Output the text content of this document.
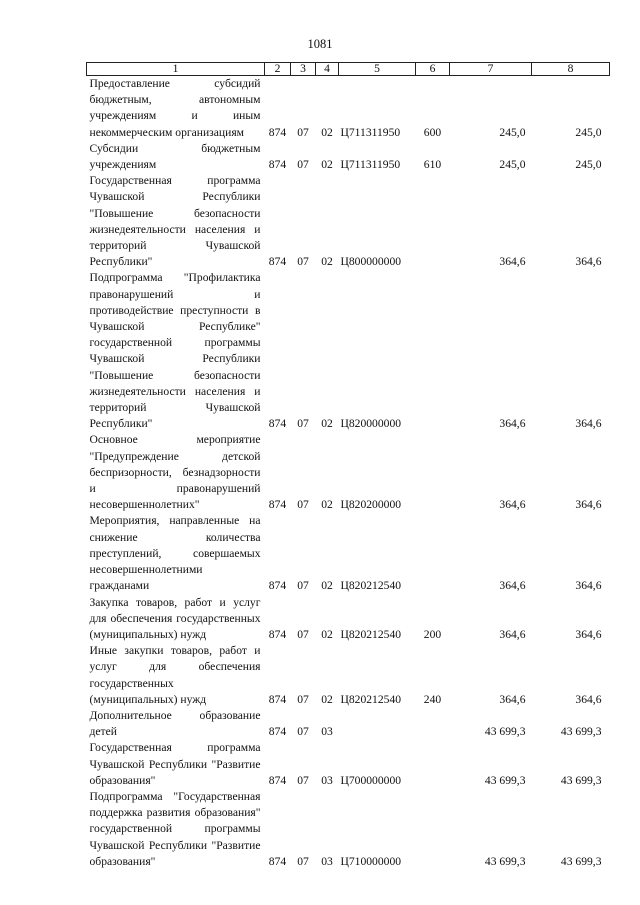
1081
1	2	3	4	5	6	7	8
Предоставление субсидий бюджетным, автономным учреждениям и иным некоммерческим организациям	874	07	02	Ц711311950	600	245,0	245,0
Субсидии бюджетным учреждениям	874	07	02	Ц711311950	610	245,0	245,0
Государственная программа Чувашской Республики "Повышение безопасности жизнедеятельности населения и территорий Чувашской Республики"	874	07	02	Ц800000000		364,6	364,6
Подпрограмма "Профилактика правонарушений и противодействие преступности в Чувашской Республике" государственной программы Чувашской Республики "Повышение безопасности жизнедеятельности населения и территорий Чувашской Республики"	874	07	02	Ц820000000		364,6	364,6
Основное мероприятие "Предупреждение детской беспризорности, безнадзорности и правонарушений несовершеннолетних"	874	07	02	Ц820200000		364,6	364,6
Мероприятия, направленные на снижение количества преступлений, совершаемых несовершеннолетними гражданами	874	07	02	Ц820212540		364,6	364,6
Закупка товаров, работ и услуг для обеспечения государственных (муниципальных) нужд	874	07	02	Ц820212540	200	364,6	364,6
Иные закупки товаров, работ и услуг для обеспечения государственных (муниципальных) нужд	874	07	02	Ц820212540	240	364,6	364,6
Дополнительное образование детей	874	07	03			43 699,3	43 699,3
Государственная программа Чувашской Республики "Развитие образования"	874	07	03	Ц700000000		43 699,3	43 699,3
Подпрограмма "Государственная поддержка развития образования" государственной программы Чувашской Республики "Развитие образования"	874	07	03	Ц710000000		43 699,3	43 699,3
